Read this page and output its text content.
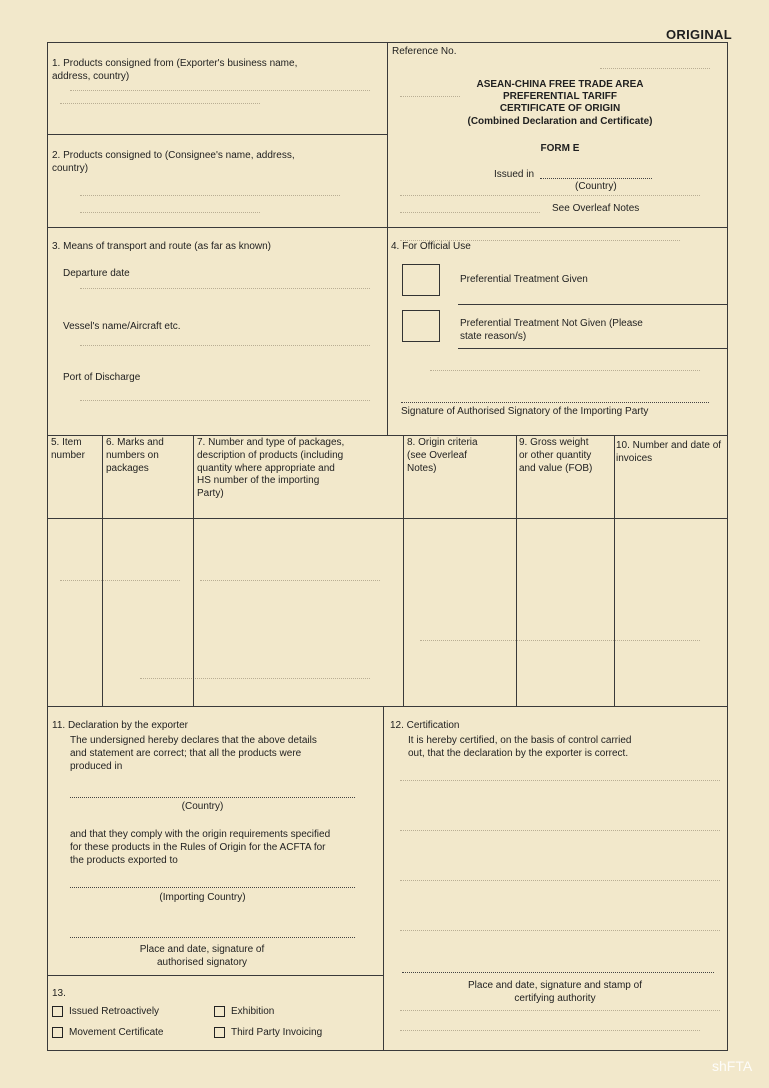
ORIGINAL
1. Products consigned from (Exporter's business name, address, country)
2. Products consigned to (Consignee's name, address, country)
Reference No.
ASEAN-CHINA FREE TRADE AREA
PREFERENTIAL TARIFF
CERTIFICATE OF ORIGIN
(Combined Declaration and Certificate)
FORM E
Issued in
(Country)
See Overleaf Notes
3. Means of transport and route (as far as known)
Departure date
Vessel's name/Aircraft etc.
Port of Discharge
4. For Official Use
Preferential Treatment Given
Preferential Treatment Not Given (Please state reason/s)
Signature of Authorised Signatory of the Importing Party
5. Item number
6. Marks and numbers on packages
7. Number and type of packages, description of products (including quantity where appropriate and HS number of the importing Party)
8. Origin criteria (see Overleaf Notes)
9. Gross weight or other quantity and value (FOB)
10. Number and date of invoices
11. Declaration by the exporter
The undersigned hereby declares that the above details and statement are correct; that all the products were produced in
(Country)
and that they comply with the origin requirements specified for these products in the Rules of Origin for the ACFTA for the products exported to
(Importing Country)
Place and date, signature of authorised signatory
12. Certification
It is hereby certified, on the basis of control carried out, that the declaration by the exporter is correct.
Place and date, signature and stamp of certifying authority
13.
Issued Retroactively	Exhibition
Movement Certificate	Third Party Invoicing
shFTA
